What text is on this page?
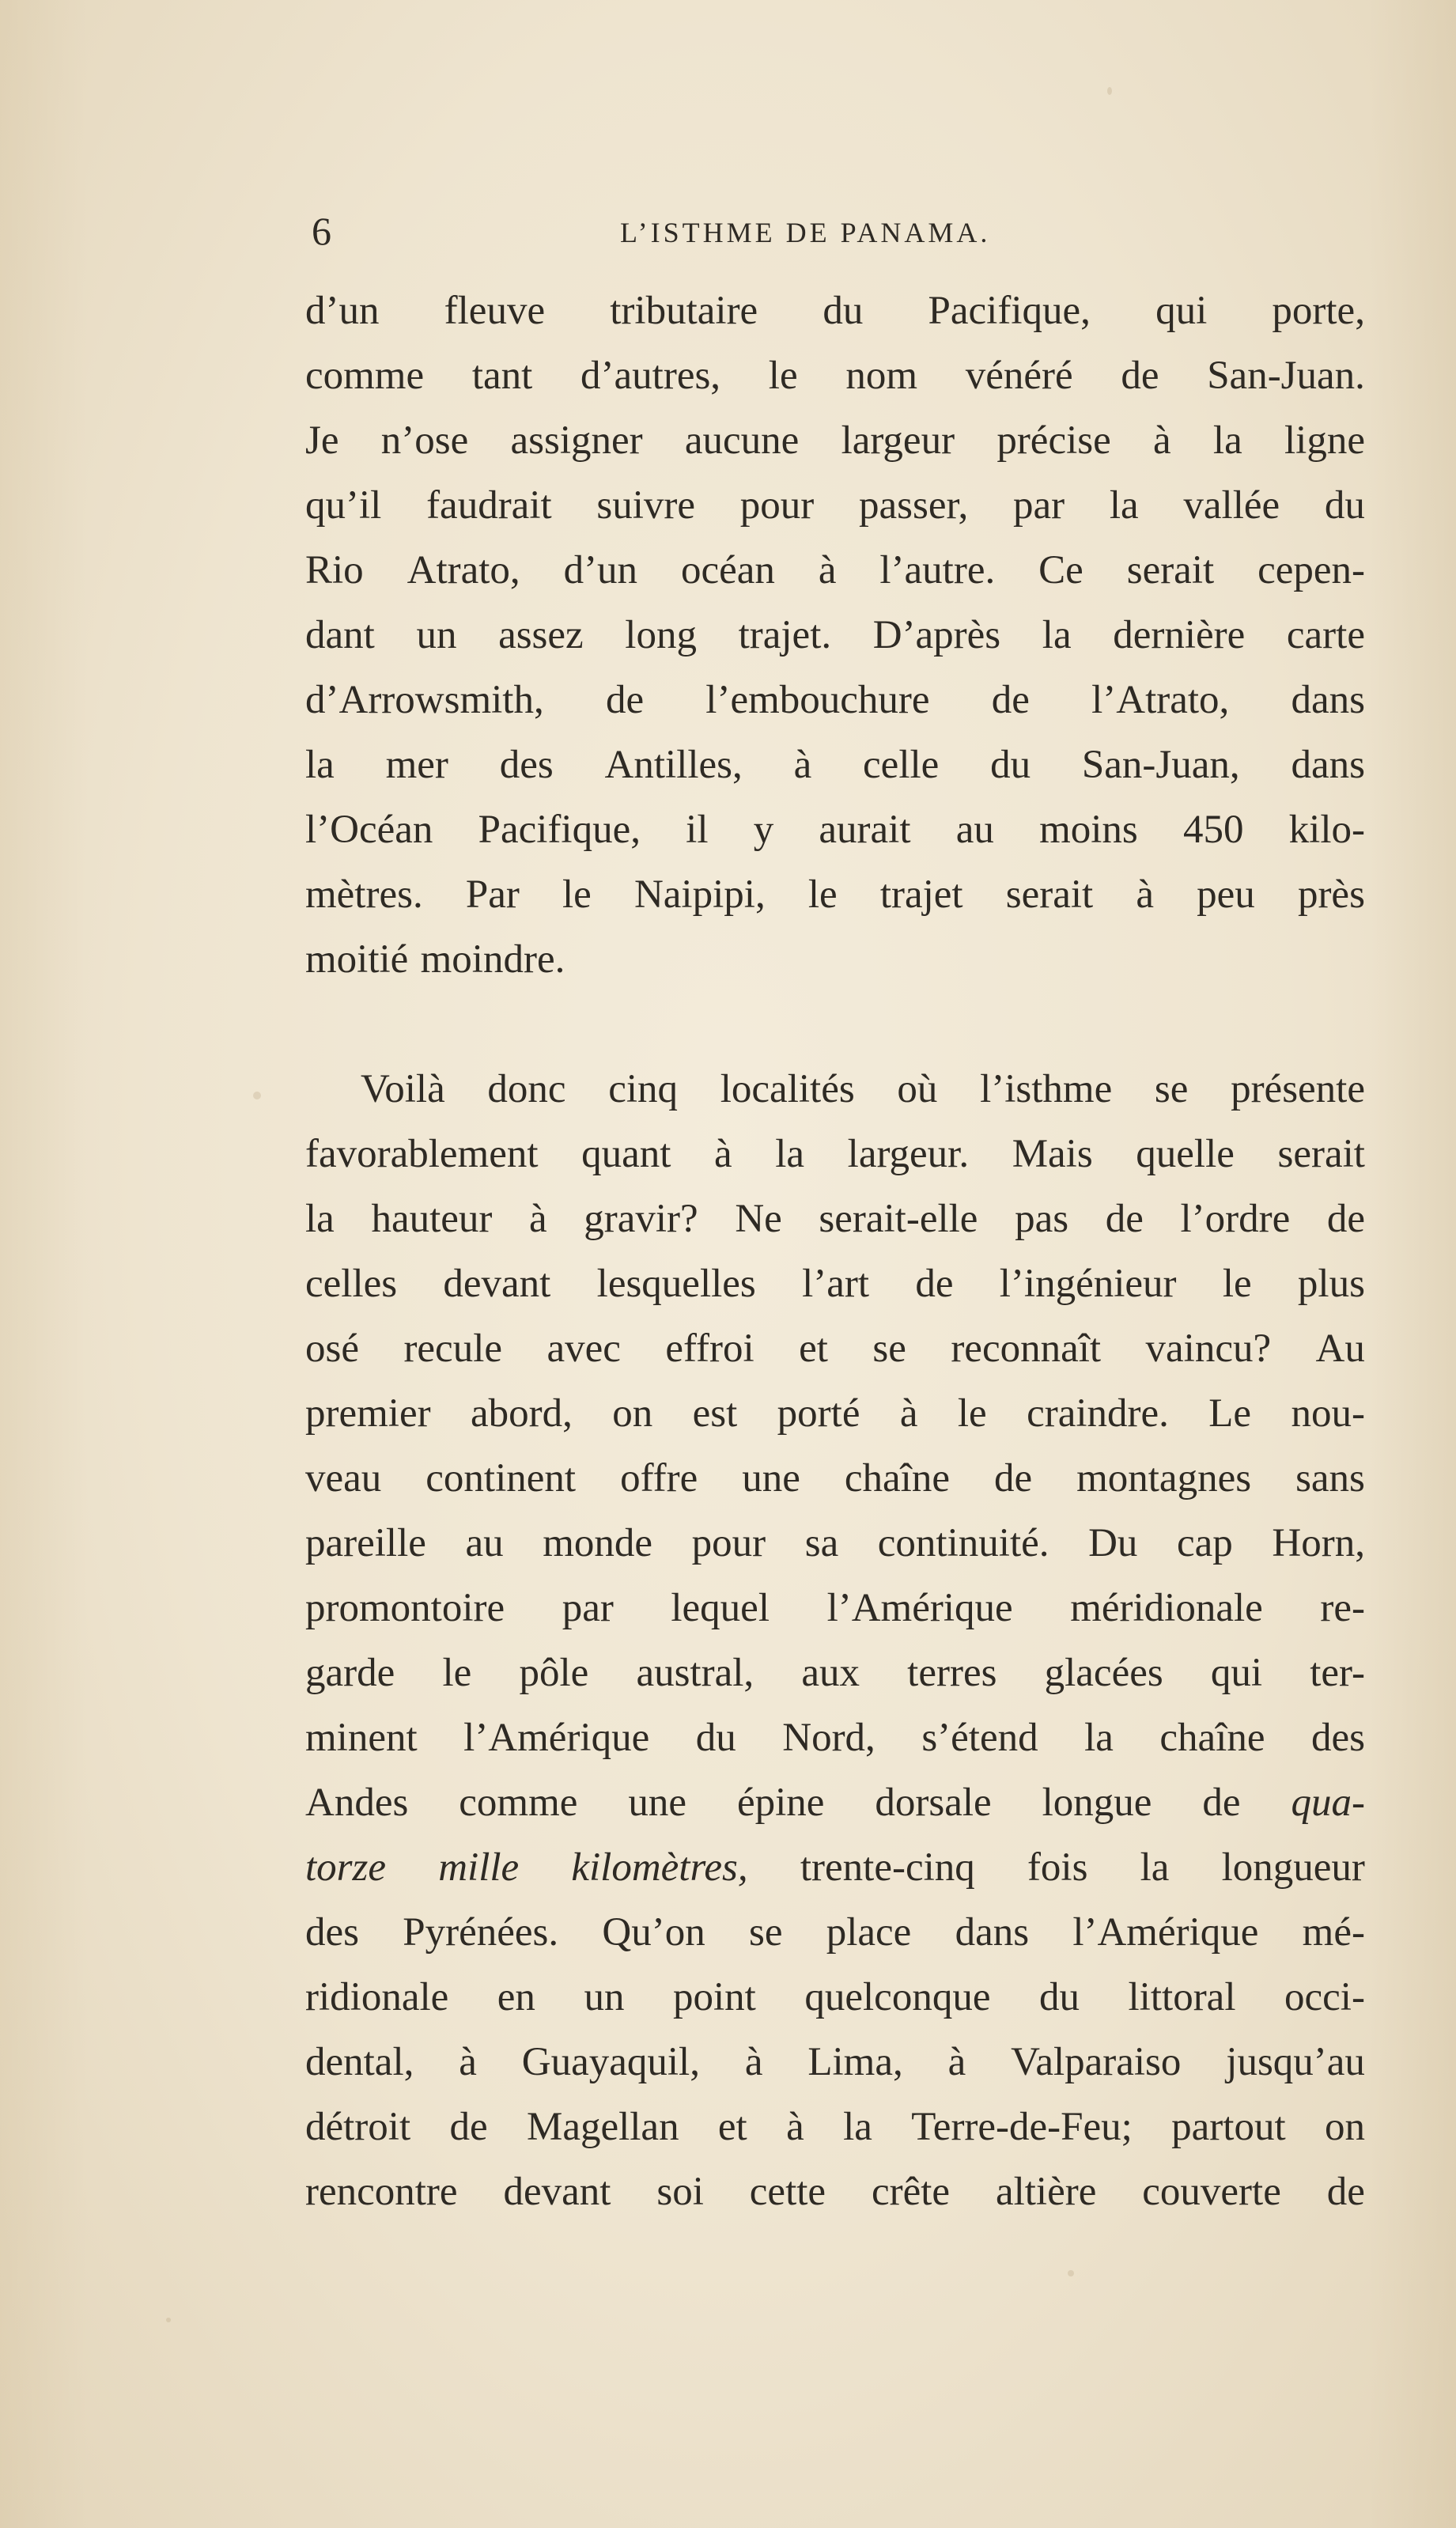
6	L’ISTHME DE PANAMA.
d’un fleuve tributaire du Pacifique, qui porte,
comme tant d’autres, le nom vénéré de San-Juan.
Je n’ose assigner aucune largeur précise à la ligne
qu’il faudrait suivre pour passer, par la vallée du
Rio Atrato, d’un océan à l’autre. Ce serait cepen-
dant un assez long trajet. D’après la dernière carte
d’Arrowsmith, de l’embouchure de l’Atrato, dans
la mer des Antilles, à celle du San-Juan, dans
l’Océan Pacifique, il y aurait au moins 450 kilo-
mètres. Par le Naipipi, le trajet serait à peu près
moitié moindre.
Voilà donc cinq localités où l’isthme se présente
favorablement quant à la largeur. Mais quelle serait
la hauteur à gravir? Ne serait-elle pas de l’ordre de
celles devant lesquelles l’art de l’ingénieur le plus
osé recule avec effroi et se reconnaît vaincu? Au
premier abord, on est porté à le craindre. Le nou-
veau continent offre une chaîne de montagnes sans
pareille au monde pour sa continuité. Du cap Horn,
promontoire par lequel l’Amérique méridionale re-
garde le pôle austral, aux terres glacées qui ter-
minent l’Amérique du Nord, s’étend la chaîne des
Andes comme une épine dorsale longue de qua-
torze mille kilomètres, trente-cinq fois la longueur
des Pyrénées. Qu’on se place dans l’Amérique mé-
ridionale en un point quelconque du littoral occi-
dental, à Guayaquil, à Lima, à Valparaiso jusqu’au
détroit de Magellan et à la Terre-de-Feu; partout on
rencontre devant soi cette crête altière couverte de
